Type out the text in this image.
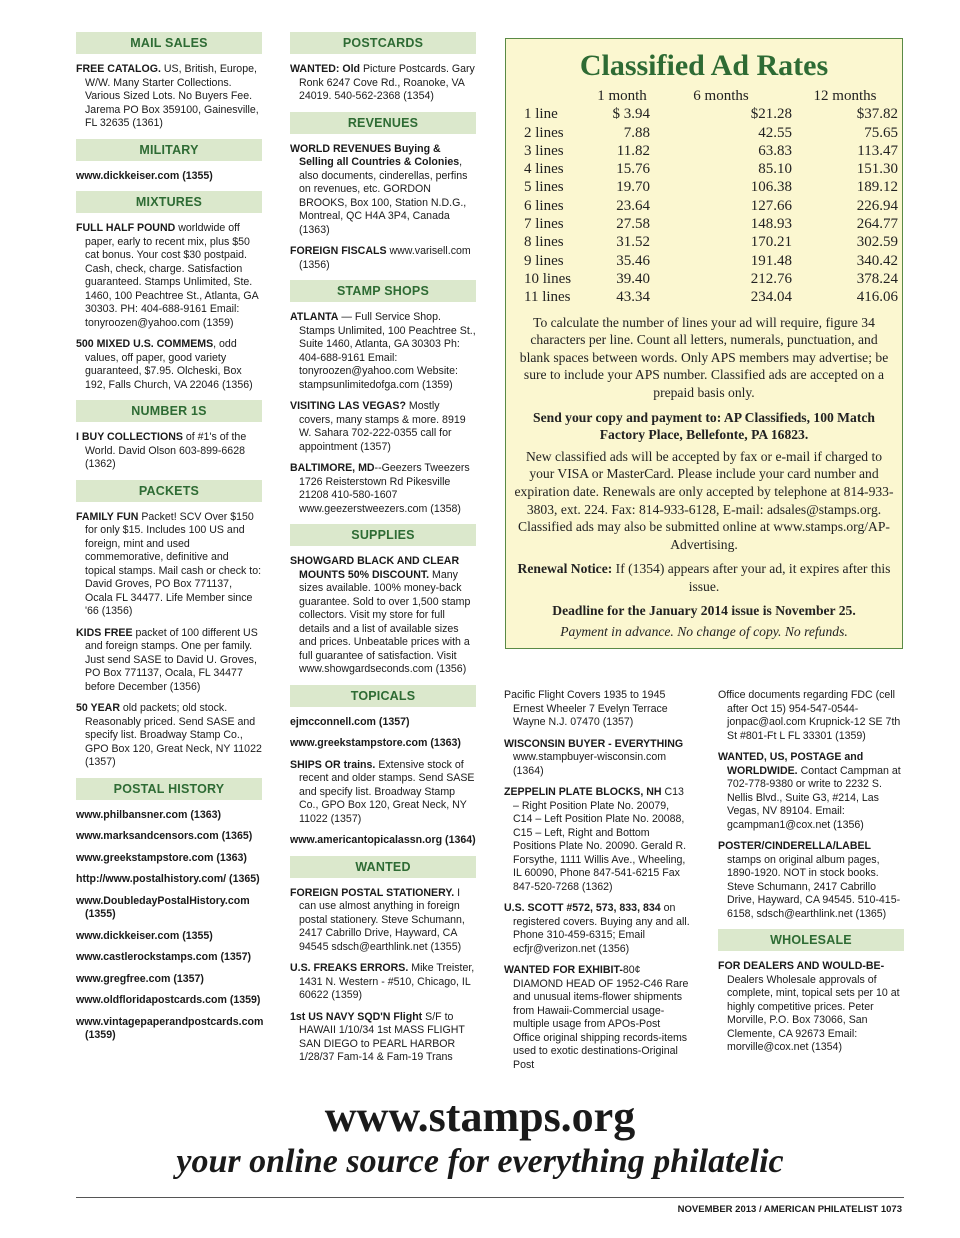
MAIL SALES
FREE CATALOG. US, British, Europe, W/W. Many Starter Collections. Various Sized Lots. No Buyers Fee. Jarema PO Box 359100, Gainesville, FL 32635 (1361)
MILITARY
www.dickkeiser.com (1355)
MIXTURES
FULL HALF POUND worldwide off paper, early to recent mix, plus $50 cat bonus. Your cost $30 postpaid. Cash, check, charge. Satisfaction guaranteed. Stamps Unlimited, Ste. 1460, 100 Peachtree St., Atlanta, GA 30303. PH: 404-688-9161 Email: tonyroozen@yahoo.com (1359)
500 MIXED U.S. COMMEMS, odd values, off paper, good variety guaranteed, $7.95. Olcheski, Box 192, Falls Church, VA 22046 (1356)
NUMBER 1S
I BUY COLLECTIONS of #1's of the World. David Olson 603-899-6628 (1362)
PACKETS
FAMILY FUN Packet! SCV Over $150 for only $15. Includes 100 US and foreign, mint and used commemorative, definitive and topical stamps. Mail cash or check to: David Groves, PO Box 771137, Ocala FL 34477. Life Member since '66 (1356)
KIDS FREE packet of 100 different US and foreign stamps. One per family. Just send SASE to David U. Groves, PO Box 771137, Ocala, FL 34477 before December (1356)
50 YEAR old packets; old stock. Reasonably priced. Send SASE and specify list. Broadway Stamp Co., GPO Box 120, Great Neck, NY 11022 (1357)
POSTAL HISTORY
www.philbansner.com (1363)
www.marksandcensors.com (1365)
www.greekstampstore.com (1363)
http://www.postalhistory.com/ (1365)
www.DoubledayPostalHistory.com (1355)
www.dickkeiser.com (1355)
www.castlerockstamps.com (1357)
www.gregfree.com (1357)
www.oldfloridapostcards.com (1359)
www.vintagepaperandpostcards.com (1359)
POSTCARDS
WANTED: Old Picture Postcards. Gary Ronk 6247 Cove Rd., Roanoke, VA 24019. 540-562-2368 (1354)
REVENUES
WORLD REVENUES Buying & Selling all Countries & Colonies, also documents, cinderellas, perfins on revenues, etc. GORDON BROOKS, Box 100, Station N.D.G., Montreal, QC H4A 3P4, Canada (1363)
FOREIGN FISCALS www.varisell.com (1356)
STAMP SHOPS
ATLANTA — Full Service Shop. Stamps Unlimited, 100 Peachtree St., Suite 1460, Atlanta, GA 30303 Ph: 404-688-9161 Email: tonyroozen@yahoo.com Website: stampsunlimitedofga.com (1359)
VISITING LAS VEGAS? Mostly covers, many stamps & more. 8919 W. Sahara 702-222-0355 call for appointment (1357)
BALTIMORE, MD--Geezers Tweezers 1726 Reisterstown Rd Pikesville 21208 410-580-1607 www.geezerstweezers.com (1358)
SUPPLIES
SHOWGARD BLACK AND CLEAR MOUNTS 50% DISCOUNT. Many sizes available. 100% money-back guarantee. Sold to over 1,500 stamp collectors. Visit my store for full details and a list of available sizes and prices. Unbeatable prices with a full guarantee of satisfaction. Visit www.showgardseconds.com (1356)
TOPICALS
ejmcconnell.com (1357)
www.greekstampstore.com (1363)
SHIPS OR trains. Extensive stock of recent and older stamps. Send SASE and specify list. Broadway Stamp Co., GPO Box 120, Great Neck, NY 11022 (1357)
www.americantopicalassn.org (1364)
WANTED
FOREIGN POSTAL STATIONERY. I can use almost anything in foreign postal stationery. Steve Schumann, 2417 Cabrillo Drive, Hayward, CA 94545 sdsch@earthlink.net (1355)
U.S. FREAKS ERRORS. Mike Treister, 1431 N. Western - #510, Chicago, IL 60622 (1359)
1st US NAVY SQD'N Flight S/F to HAWAII 1/10/34 1st MASS FLIGHT SAN DIEGO to PEARL HARBOR 1/28/37 Fam-14 & Fam-19 Trans
Pacific Flight Covers 1935 to 1945 Ernest Wheeler 7 Evelyn Terrace Wayne N.J. 07470 (1357)
WISCONSIN BUYER - EVERYTHING www.stampbuyer-wisconsin.com (1364)
ZEPPELIN PLATE BLOCKS, NH C13 – Right Position Plate No. 20079, C14 – Left Position Plate No. 20088, C15 – Left, Right and Bottom Positions Plate No. 20090. Gerald R. Forsythe, 1111 Willis Ave., Wheeling, IL 60090, Phone 847-541-6215 Fax 847-520-7268 (1362)
U.S. SCOTT #572, 573, 833, 834 on registered covers. Buying any and all. Phone 310-459-6315; Email ecfjr@verizon.net (1356)
WANTED FOR EXHIBIT-80¢ DIAMOND HEAD OF 1952-C46 Rare and unusual items-flower shipments from Hawaii-Commercial usage-multiple usage from APOs-Post Office original shipping records-items used to exotic destinations-Original Post
Office documents regarding FDC (cell after Oct 15) 954-547-0544-jonpac@aol.com Krupnick-12 SE 7th St #801-Ft L FL 33301 (1359)
WANTED, US, POSTAGE and WORLDWIDE. Contact Campman at 702-778-9380 or write to 2232 S. Nellis Blvd., Suite G3, #214, Las Vegas, NV 89104. Email: gcampman1@cox.net (1356)
POSTER/CINDERELLA/LABEL stamps on original album pages, 1890-1920. NOT in stock books. Steve Schumann, 2417 Cabrillo Drive, Hayward, CA 94545. 510-415-6158, sdsch@earthlink.net (1365)
WHOLESALE
FOR DEALERS AND WOULD-BE- Dealers Wholesale approvals of complete, mint, topical sets per 10 at highly competitive prices. Peter Morville, P.O. Box 73066, San Clemente, CA 92673 Email: morville@cox.net (1354)
Classified Ad Rates
	1 month	6 months	12 months
1 line	$ 3.94	$21.28	$37.82
2 lines	7.88	42.55	75.65
3 lines	11.82	63.83	113.47
4 lines	15.76	85.10	151.30
5 lines	19.70	106.38	189.12
6 lines	23.64	127.66	226.94
7 lines	27.58	148.93	264.77
8 lines	31.52	170.21	302.59
9 lines	35.46	191.48	340.42
10 lines	39.40	212.76	378.24
11 lines	43.34	234.04	416.06

To calculate the number of lines your ad will require, figure 34 characters per line. Count all letters, numerals, punctuation, and blank spaces between words. Only APS members may advertise; be sure to include your APS number. Classified ads are accepted on a prepaid basis only.

Send your copy and payment to: AP Classifieds, 100 Match Factory Place, Bellefonte, PA 16823.

New classified ads will be accepted by fax or e-mail if charged to your VISA or MasterCard. Please include your card number and expiration date. Renewals are only accepted by telephone at 814-933-3803, ext. 224. Fax: 814-933-6128, E-mail: adsales@stamps.org. Classified ads may also be submitted online at www.stamps.org/AP-Advertising.

Renewal Notice: If (1354) appears after your ad, it expires after this issue.

Deadline for the January 2014 issue is November 25.

Payment in advance. No change of copy. No refunds.

www.stamps.org
your online source for everything philatelic
NOVEMBER 2013 / AMERICAN PHILATELIST 1073
